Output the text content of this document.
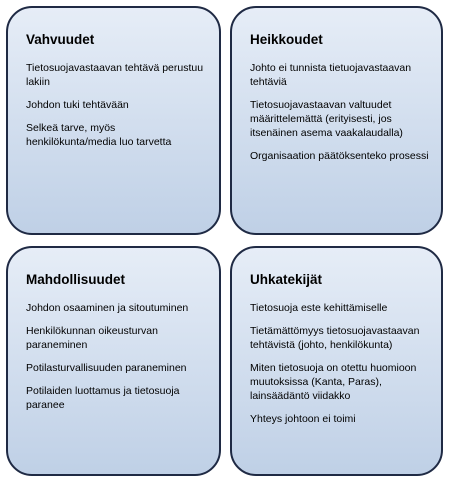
Vahvuudet
Tietosuojavastaavan tehtävä perustuu lakiin
Johdon tuki tehtävään
Selkeä tarve, myös henkilökunta/media luo tarvetta
Heikkoudet
Johto ei tunnista tietuojavastaavan tehtäviä
Tietosuojavastaavan valtuudet määrittelemättä (erityisesti, jos itsenäinen asema vaakalaudalla)
Organisaation päätöksenteko prosessi
Mahdollisuudet
Johdon osaaminen ja sitoutuminen
Henkilökunnan oikeusturvan paraneminen
Potilasturvallisuuden paraneminen
Potilaiden luottamus ja tietosuoja paranee
Uhkatekijät
Tietosuoja este kehittämiselle
Tietämättömyys tietosuojavastaavan tehtävistä (johto, henkilökunta)
Miten tietosuoja on otettu huomioon muutoksissa (Kanta, Paras), lainsäädäntö viidakko
Yhteys johtoon ei toimi
